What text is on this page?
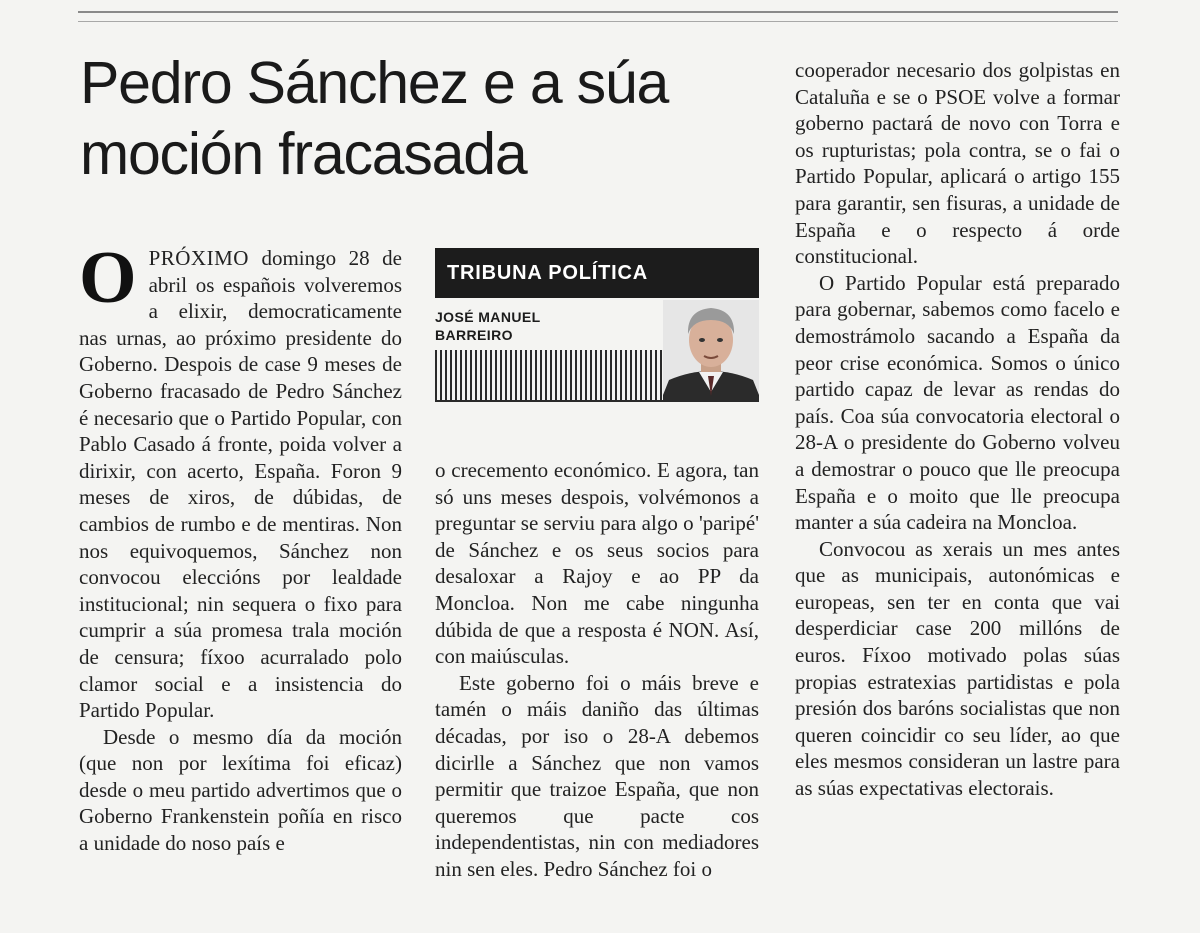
Pedro Sánchez e a súa moción fracasada

OPRÓXIMO domingo 28 de abril os españois volveremos a elixir, democraticamente nas urnas, ao próximo presidente do Goberno. Despois de case 9 meses de Goberno fracasado de Pedro Sánchez é necesario que o Partido Popular, con Pablo Casado á fronte, poida volver a dirixir, con acerto, España. Foron 9 meses de xiros, de dúbidas, de cambios de rumbo e de mentiras. Non nos equivoquemos, Sánchez non convocou eleccións por lealdade institucional; nin sequera o fixo para cumprir a súa promesa trala moción de censura; fíxoo acurralado polo clamor social e a insistencia do Partido Popular.

Desde o mesmo día da moción (que non por lexítima foi eficaz) desde o meu partido advertimos que o Goberno Frankenstein poñía en risco a unidade do noso país e

TRIBUNA POLÍTICA
JOSÉ MANUEL
BARREIRO

o crecemento económico. E agora, tan só uns meses despois, volvémonos a preguntar se serviu para algo o 'paripé' de Sánchez e os seus socios para desaloxar a Rajoy e ao PP da Moncloa. Non me cabe ningunha dúbida de que a resposta é NON. Así, con maiúsculas.

Este goberno foi o máis breve e tamén o máis daniño das últimas décadas, por iso o 28-A debemos dicirlle a Sánchez que non vamos permitir que traizoe España, que non queremos que pacte cos independentistas, nin con mediadores nin sen eles. Pedro Sánchez foi o

cooperador necesario dos golpistas en Cataluña e se o PSOE volve a formar goberno pactará de novo con Torra e os rupturistas; pola contra, se o fai o Partido Popular, aplicará o artigo 155 para garantir, sen fisuras, a unidade de España e o respecto á orde constitucional.

O Partido Popular está preparado para gobernar, sabemos como facelo e demostrámolo sacando a España da peor crise económica. Somos o único partido capaz de levar as rendas do país. Coa súa convocatoria electoral o 28-A o presidente do Goberno volveu a demostrar o pouco que lle preocupa España e o moito que lle preocupa manter a súa cadeira na Moncloa.

Convocou as xerais un mes antes que as municipais, autonómicas e europeas, sen ter en conta que vai desperdiciar case 200 millóns de euros. Fíxoo motivado polas súas propias estratexias partidistas e pola presión dos baróns socialistas que non queren coincidir co seu líder, ao que eles mesmos consideran un lastre para as súas expectativas electorais.
